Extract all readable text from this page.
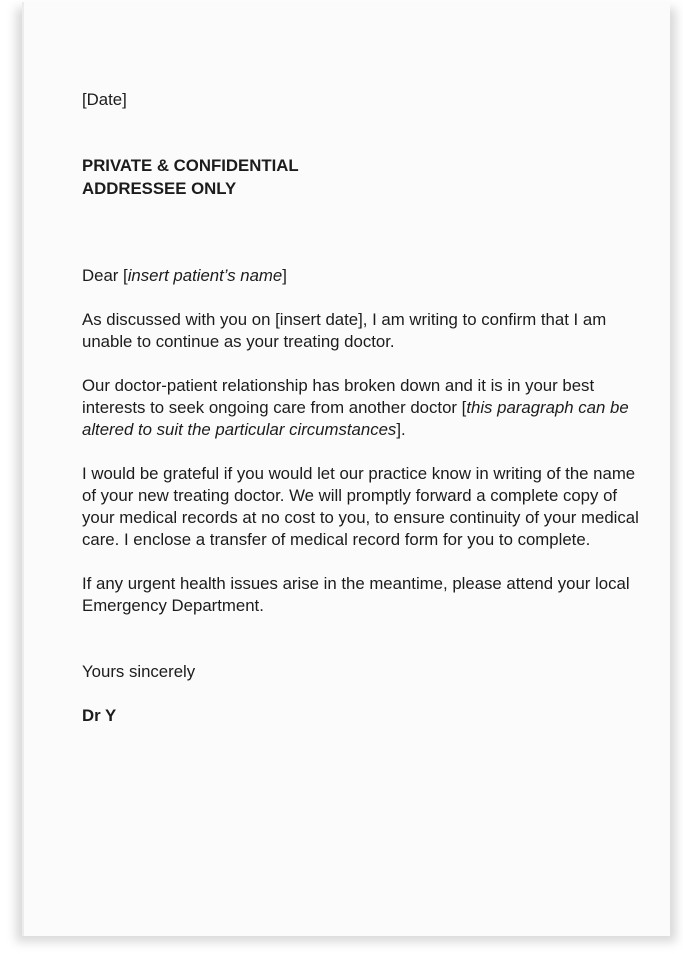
[Date]

PRIVATE & CONFIDENTIAL
ADDRESSEE ONLY

Dear [insert patient’s name]

As discussed with you on [insert date], I am writing to confirm that I am unable to continue as your treating doctor.

Our doctor-patient relationship has broken down and it is in your best interests to seek ongoing care from another doctor [this paragraph can be altered to suit the particular circumstances].

I would be grateful if you would let our practice know in writing of the name of your new treating doctor. We will promptly forward a complete copy of your medical records at no cost to you, to ensure continuity of your medical care. I enclose a transfer of medical record form for you to complete.

If any urgent health issues arise in the meantime, please attend your local Emergency Department.

Yours sincerely

Dr Y
